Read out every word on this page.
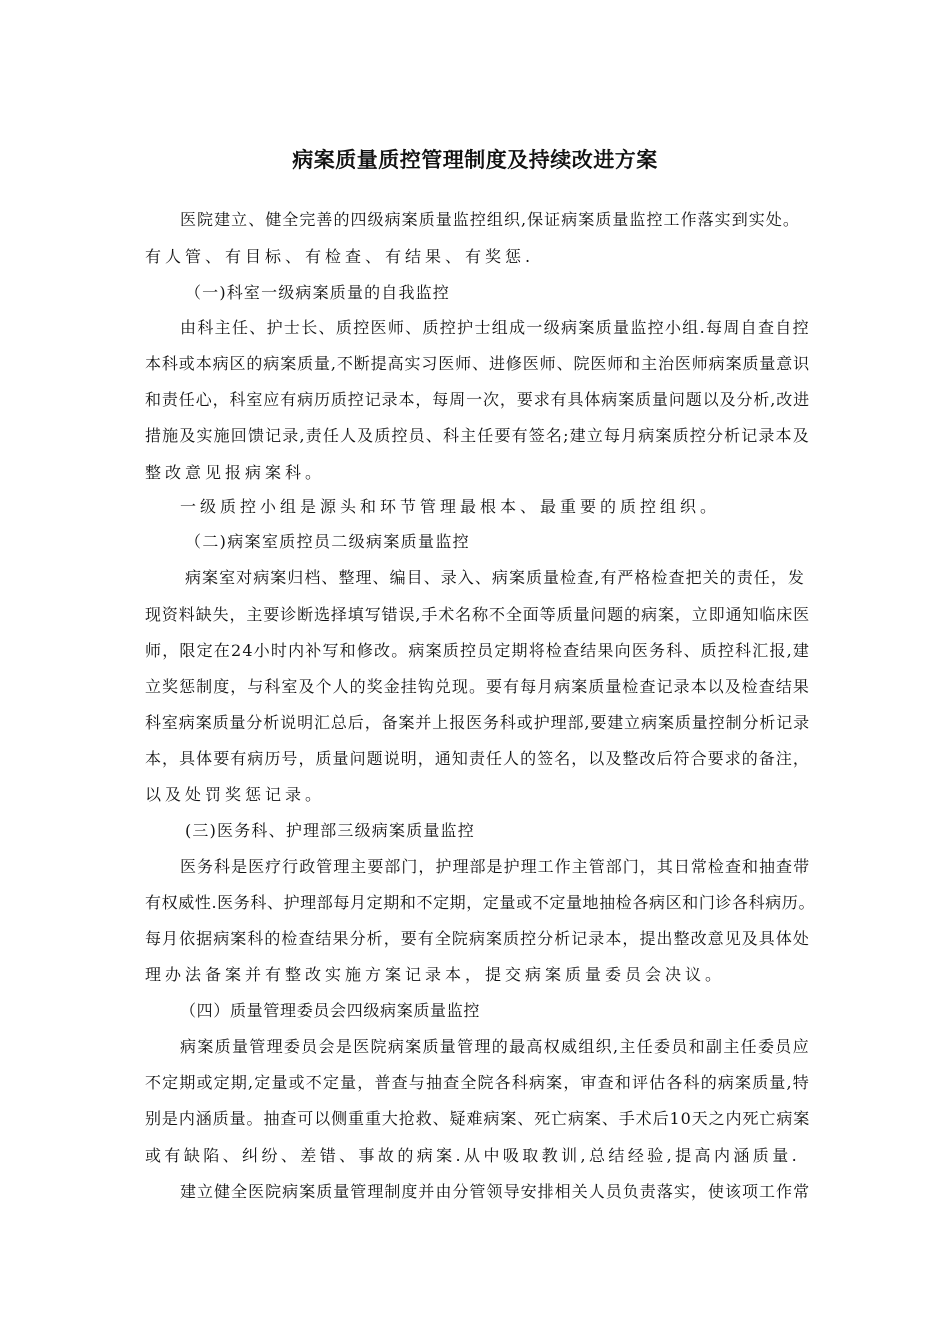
病案质量质控管理制度及持续改进方案
医院建立、健全完善的四级病案质量监控组织,保证病案质量监控工作落实到实处。
有人管、有目标、有检查、有结果、有奖惩.
（一)科室一级病案质量的自我监控
由科主任、护士长、质控医师、质控护士组成一级病案质量监控小组.每周自查自控
本科或本病区的病案质量,不断提高实习医师、进修医师、院医师和主治医师病案质量意识
和责任心，科室应有病历质控记录本，每周一次，要求有具体病案质量问题以及分析,改进
措施及实施回馈记录,责任人及质控员、科主任要有签名;建立每月病案质控分析记录本及
整改意见报病案科。
一级质控小组是源头和环节管理最根本、最重要的质控组织。
（二)病案室质控员二级病案质量监控
病案室对病案归档、整理、编目、录入、病案质量检查,有严格检查把关的责任，发
现资料缺失，主要诊断选择填写错误,手术名称不全面等质量问题的病案，立即通知临床医
师，限定在24小时内补写和修改。病案质控员定期将检查结果向医务科、质控科汇报,建
立奖惩制度，与科室及个人的奖金挂钩兑现。要有每月病案质量检查记录本以及检查结果
科室病案质量分析说明汇总后，备案并上报医务科或护理部,要建立病案质量控制分析记录
本，具体要有病历号，质量问题说明，通知责任人的签名，以及整改后符合要求的备注，
以及处罚奖惩记录。
(三)医务科、护理部三级病案质量监控
医务科是医疗行政管理主要部门，护理部是护理工作主管部门，其日常检查和抽查带
有权威性.医务科、护理部每月定期和不定期，定量或不定量地抽检各病区和门诊各科病历。
每月依据病案科的检查结果分析，要有全院病案质控分析记录本，提出整改意见及具体处
理办法备案并有整改实施方案记录本，提交病案质量委员会决议。
（四）质量管理委员会四级病案质量监控
病案质量管理委员会是医院病案质量管理的最高权威组织,主任委员和副主任委员应
不定期或定期,定量或不定量，普查与抽查全院各科病案，审查和评估各科的病案质量,特
别是内涵质量。抽查可以侧重重大抢救、疑难病案、死亡病案、手术后10天之内死亡病案
或有缺陷、纠纷、差错、事故的病案.从中吸取教训,总结经验,提高内涵质量.
建立健全医院病案质量管理制度并由分管领导安排相关人员负责落实，使该项工作常
